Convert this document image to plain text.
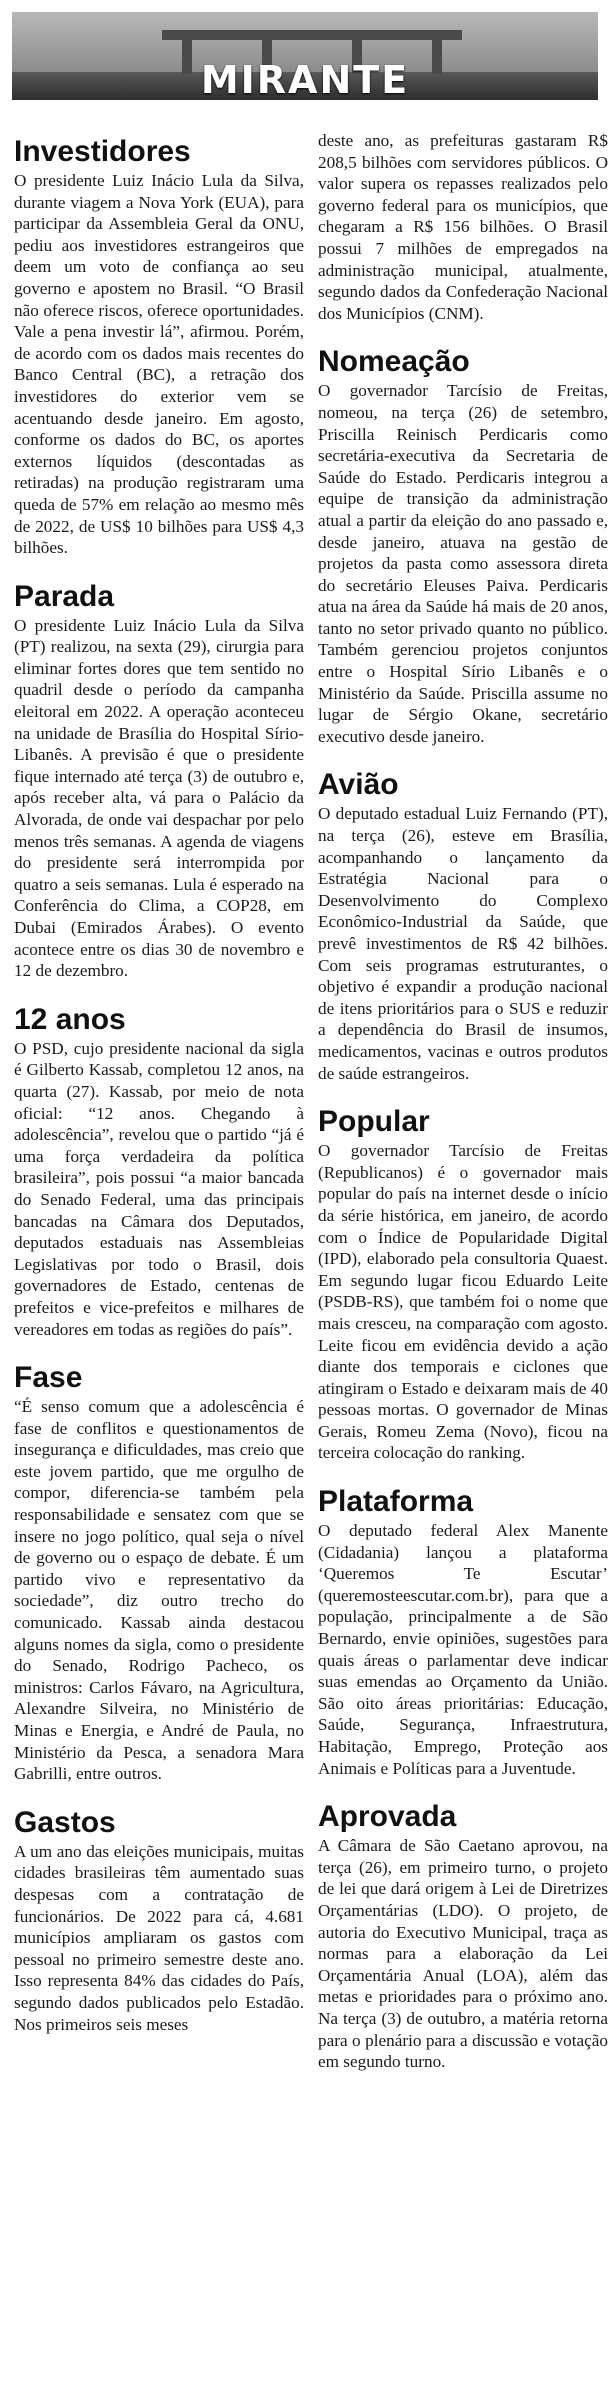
MIRANTE
Investidores

O presidente Luiz Inácio Lula da Silva, durante viagem a Nova York (EUA), para participar da Assembleia Geral da ONU, pediu aos investidores estrangeiros que deem um voto de confiança ao seu governo e apostem no Brasil. “O Brasil não oferece riscos, oferece oportunidades. Vale a pena investir lá”, afirmou. Porém, de acordo com os dados mais recentes do Banco Central (BC), a retração dos investidores do exterior vem se acentuando desde janeiro. Em agosto, conforme os dados do BC, os aportes externos líquidos (descontadas as retiradas) na produção registraram uma queda de 57% em relação ao mesmo mês de 2022, de US$ 10 bilhões para US$ 4,3 bilhões.

Parada

O presidente Luiz Inácio Lula da Silva (PT) realizou, na sexta (29), cirurgia para eliminar fortes dores que tem sentido no quadril desde o período da campanha eleitoral em 2022. A operação aconteceu na unidade de Brasília do Hospital Sírio-Libanês. A previsão é que o presidente fique internado até terça (3) de outubro e, após receber alta, vá para o Palácio da Alvorada, de onde vai despachar por pelo menos três semanas. A agenda de viagens do presidente será interrompida por quatro a seis semanas. Lula é esperado na Conferência do Clima, a COP28, em Dubai (Emirados Árabes). O evento acontece entre os dias 30 de novembro e 12 de dezembro.

12 anos

O PSD, cujo presidente nacional da sigla é Gilberto Kassab, completou 12 anos, na quarta (27). Kassab, por meio de nota oficial: “12 anos. Chegando à adolescência”, revelou que o partido “já é uma força verdadeira da política brasileira”, pois possui “a maior bancada do Senado Federal, uma das principais bancadas na Câmara dos Deputados, deputados estaduais nas Assembleias Legislativas por todo o Brasil, dois governadores de Estado, centenas de prefeitos e vice-prefeitos e milhares de vereadores em todas as regiões do país”.

Fase

“É senso comum que a adolescência é fase de conflitos e questionamentos de insegurança e dificuldades, mas creio que este jovem partido, que me orgulho de compor, diferencia-se também pela responsabilidade e sensatez com que se insere no jogo político, qual seja o nível de governo ou o espaço de debate. É um partido vivo e representativo da sociedade”, diz outro trecho do comunicado. Kassab ainda destacou alguns nomes da sigla, como o presidente do Senado, Rodrigo Pacheco, os ministros: Carlos Fávaro, na Agricultura, Alexandre Silveira, no Ministério de Minas e Energia, e André de Paula, no Ministério da Pesca, a senadora Mara Gabrilli, entre outros.

Gastos

A um ano das eleições municipais, muitas cidades brasileiras têm aumentado suas despesas com a contratação de funcionários. De 2022 para cá, 4.681 municípios ampliaram os gastos com pessoal no primeiro semestre deste ano. Isso representa 84% das cidades do País, segundo dados publicados pelo Estadão. Nos primeiros seis meses

deste ano, as prefeituras gastaram R$ 208,5 bilhões com servidores públicos. O valor supera os repasses realizados pelo governo federal para os municípios, que chegaram a R$ 156 bilhões. O Brasil possui 7 milhões de empregados na administração municipal, atualmente, segundo dados da Confederação Nacional dos Municípios (CNM).

Nomeação

O governador Tarcísio de Freitas, nomeou, na terça (26) de setembro, Priscilla Reinisch Perdicaris como secretária-executiva da Secretaria de Saúde do Estado. Perdicaris integrou a equipe de transição da administração atual a partir da eleição do ano passado e, desde janeiro, atuava na gestão de projetos da pasta como assessora direta do secretário Eleuses Paiva. Perdicaris atua na área da Saúde há mais de 20 anos, tanto no setor privado quanto no público. Também gerenciou projetos conjuntos entre o Hospital Sírio Libanês e o Ministério da Saúde. Priscilla assume no lugar de Sérgio Okane, secretário executivo desde janeiro.

Avião

O deputado estadual Luiz Fernando (PT), na terça (26), esteve em Brasília, acompanhando o lançamento da Estratégia Nacional para o Desenvolvimento do Complexo Econômico-Industrial da Saúde, que prevê investimentos de R$ 42 bilhões. Com seis programas estruturantes, o objetivo é expandir a produção nacional de itens prioritários para o SUS e reduzir a dependência do Brasil de insumos, medicamentos, vacinas e outros produtos de saúde estrangeiros.

Popular

O governador Tarcísio de Freitas (Republicanos) é o governador mais popular do país na internet desde o início da série histórica, em janeiro, de acordo com o Índice de Popularidade Digital (IPD), elaborado pela consultoria Quaest. Em segundo lugar ficou Eduardo Leite (PSDB-RS), que também foi o nome que mais cresceu, na comparação com agosto. Leite ficou em evidência devido a ação diante dos temporais e ciclones que atingiram o Estado e deixaram mais de 40 pessoas mortas. O governador de Minas Gerais, Romeu Zema (Novo), ficou na terceira colocação do ranking.

Plataforma

O deputado federal Alex Manente (Cidadania) lançou a plataforma ‘Queremos Te Escutar’ (queremosteescutar.com.br), para que a população, principalmente a de São Bernardo, envie opiniões, sugestões para quais áreas o parlamentar deve indicar suas emendas ao Orçamento da União. São oito áreas prioritárias: Educação, Saúde, Segurança, Infraestrutura, Habitação, Emprego, Proteção aos Animais e Políticas para a Juventude.

Aprovada

A Câmara de São Caetano aprovou, na terça (26), em primeiro turno, o projeto de lei que dará origem à Lei de Diretrizes Orçamentárias (LDO). O projeto, de autoria do Executivo Municipal, traça as normas para a elaboração da Lei Orçamentária Anual (LOA), além das metas e prioridades para o próximo ano. Na terça (3) de outubro, a matéria retorna para o plenário para a discussão e votação em segundo turno.
